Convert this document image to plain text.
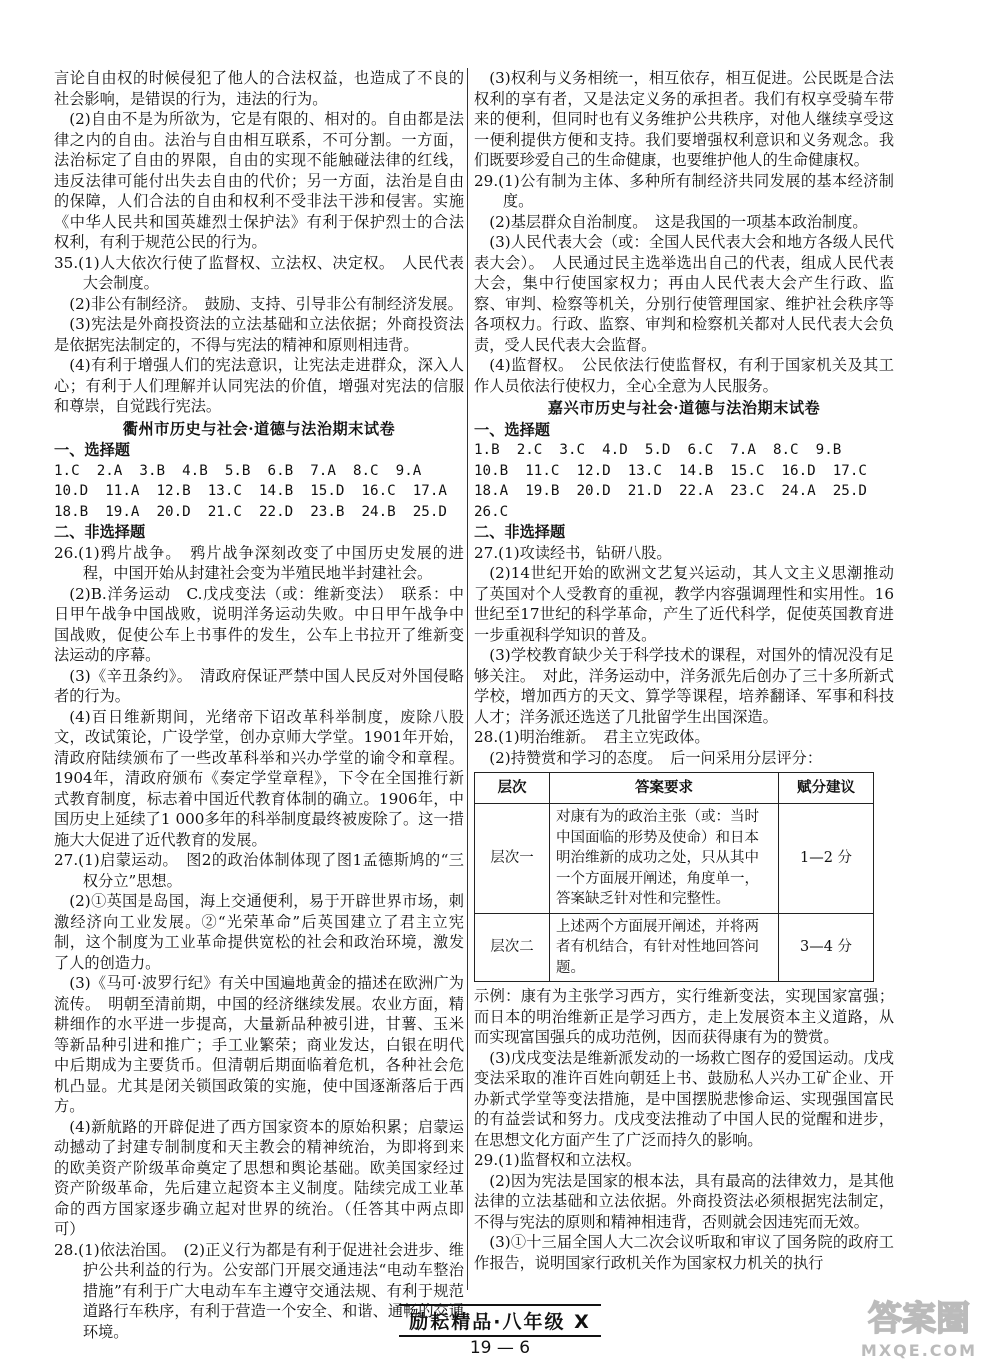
言论自由权的时候侵犯了他人的合法权益，也造成了不良的社会影响，是错误的行为，违法的行为。

(2)自由不是为所欲为，它是有限的、相对的。自由都是法律之内的自由。法治与自由相互联系，不可分割。一方面，法治标定了自由的界限，自由的实现不能触碰法律的红线，违反法律可能付出失去自由的代价；另一方面，法治是自由的保障，人们合法的自由和权利不受非法干涉和侵害。实施《中华人民共和国英雄烈士保护法》有利于保护烈士的合法权利，有利于规范公民的行为。

35.(1)人大依次行使了监督权、立法权、决定权。　人民代表大会制度。

(2)非公有制经济。　鼓励、支持、引导非公有制经济发展。

(3)宪法是外商投资法的立法基础和立法依据；外商投资法是依据宪法制定的，不得与宪法的精神和原则相违背。

(4)有利于增强人们的宪法意识，让宪法走进群众，深入人心；有利于人们理解并认同宪法的价值，增强对宪法的信服和尊崇，自觉践行宪法。

衢州市历史与社会·道德与法治期末试卷

一、选择题

1.C  2.A  3.B  4.B  5.B  6.B  7.A  8.C  9.A

10.D  11.A  12.B  13.C  14.B  15.D  16.C  17.A

18.B  19.A  20.D  21.C  22.D  23.B  24.B  25.D

二、非选择题

26.(1)鸦片战争。　鸦片战争深刻改变了中国历史发展的进程，中国开始从封建社会变为半殖民地半封建社会。

(2)B.洋务运动　C.戊戌变法（或：维新变法）　联系：中日甲午战争中国战败，说明洋务运动失败。中日甲午战争中国战败，促使公车上书事件的发生，公车上书拉开了维新变法运动的序幕。

(3)《辛丑条约》。　清政府保证严禁中国人民反对外国侵略者的行为。

(4)百日维新期间，光绪帝下诏改革科举制度，废除八股文，改试策论，广设学堂，创办京师大学堂。1901年开始，清政府陆续颁布了一些改革科举和兴办学堂的谕令和章程。1904年，清政府颁布《奏定学堂章程》，下令在全国推行新式教育制度，标志着中国近代教育体制的确立。1906年，中国历史上延续了1 000多年的科举制度最终被废除了。这一措施大大促进了近代教育的发展。

27.(1)启蒙运动。　图2的政治体制体现了图1孟德斯鸠的“三权分立”思想。

(2)①英国是岛国，海上交通便利，易于开辟世界市场，刺激经济向工业发展。②“光荣革命”后英国建立了君主立宪制，这个制度为工业革命提供宽松的社会和政治环境，激发了人的创造力。

(3)《马可·波罗行纪》有关中国遍地黄金的描述在欧洲广为流传。　明朝至清前期，中国的经济继续发展。农业方面，精耕细作的水平进一步提高，大量新品种被引进，甘薯、玉米等新品种引进和推广；手工业繁荣；商业发达，白银在明代中后期成为主要货币。但清朝后期面临着危机，各种社会危机凸显。尤其是闭关锁国政策的实施，使中国逐渐落后于西方。

(4)新航路的开辟促进了西方国家资本的原始积累；启蒙运动撼动了封建专制制度和天主教会的精神统治，为即将到来的欧美资产阶级革命奠定了思想和舆论基础。欧美国家经过资产阶级革命，先后建立起资本主义制度。陆续完成工业革命的西方国家逐步确立起对世界的统治。（任答其中两点即可）

28.(1)依法治国。　(2)正义行为都是有利于促进社会进步、维护公共利益的行为。公安部门开展交通违法“电动车整治措施”有利于广大电动车车主遵守交通法规、有利于规范道路行车秩序，有利于营造一个安全、和谐、通畅的交通环境。

(3)权利与义务相统一，相互依存，相互促进。公民既是合法权利的享有者，又是法定义务的承担者。我们有权享受骑车带来的便利，但同时也有义务维护公共秩序，对他人继续享受这一便利提供方便和支持。我们要增强权利意识和义务观念。我们既要珍爱自己的生命健康，也要维护他人的生命健康权。

29.(1)公有制为主体、多种所有制经济共同发展的基本经济制度。

(2)基层群众自治制度。　这是我国的一项基本政治制度。

(3)人民代表大会（或：全国人民代表大会和地方各级人民代表大会）。　人民通过民主选举选出自己的代表，组成人民代表大会，集中行使国家权力；再由人民代表大会产生行政、监察、审判、检察等机关，分别行使管理国家、维护社会秩序等各项权力。行政、监察、审判和检察机关都对人民代表大会负责，受人民代表大会监督。

(4)监督权。　公民依法行使监督权，有利于国家机关及其工作人员依法行使权力，全心全意为人民服务。

嘉兴市历史与社会·道德与法治期末试卷

一、选择题

1.B  2.C  3.C  4.D  5.D  6.C  7.A  8.C  9.B

10.B  11.C  12.D  13.C  14.B  15.C  16.D  17.C

18.A  19.B  20.D  21.D  22.A  23.C  24.A  25.D

26.C

二、非选择题

27.(1)攻读经书，钻研八股。

(2)14世纪开始的欧洲文艺复兴运动，其人文主义思潮推动了英国对个人受教育的重视，教学内容强调理性和实用性。16世纪至17世纪的科学革命，产生了近代科学，促使英国教育进一步重视科学知识的普及。

(3)学校教育缺少关于科学技术的课程，对国外的情况没有足够关注。　对此，洋务运动中，洋务派先后创办了三十多所新式学校，增加西方的天文、算学等课程，培养翻译、军事和科技人才；洋务派还选送了几批留学生出国深造。

28.(1)明治维新。　君主立宪政体。

(2)持赞赏和学习的态度。　后一问采用分层评分：

层次	答案要求	赋分建议
层次一	对康有为的政治主张（或：当时中国面临的形势及使命）和日本明治维新的成功之处，只从其中一个方面展开阐述，角度单一，答案缺乏针对性和完整性。	1—2 分
层次二	上述两个方面展开阐述，并将两者有机结合，有针对性地回答问题。	3—4 分

示例：康有为主张学习西方，实行维新变法，实现国家富强；而日本的明治维新正是学习西方，走上发展资本主义道路，从而实现富国强兵的成功范例，因而获得康有为的赞赏。

(3)戊戌变法是维新派发动的一场救亡图存的爱国运动。戊戌变法采取的准许百姓向朝廷上书、鼓励私人兴办工矿企业、开办新式学堂等变法措施，是中国摆脱悲惨命运、实现强国富民的有益尝试和努力。戊戌变法推动了中国人民的觉醒和进步，在思想文化方面产生了广泛而持久的影响。

29.(1)监督权和立法权。

(2)因为宪法是国家的根本法，具有最高的法律效力，是其他法律的立法基础和立法依据。外商投资法必须根据宪法制定，不得与宪法的原则和精神相违背，否则就会因违宪而无效。

(3)①十三届全国人大二次会议听取和审议了国务院的政府工作报告，说明国家行政机关作为国家权力机关的执行

励耘精品·八年级 X
19 — 6
答案圈
MXQE.COM
